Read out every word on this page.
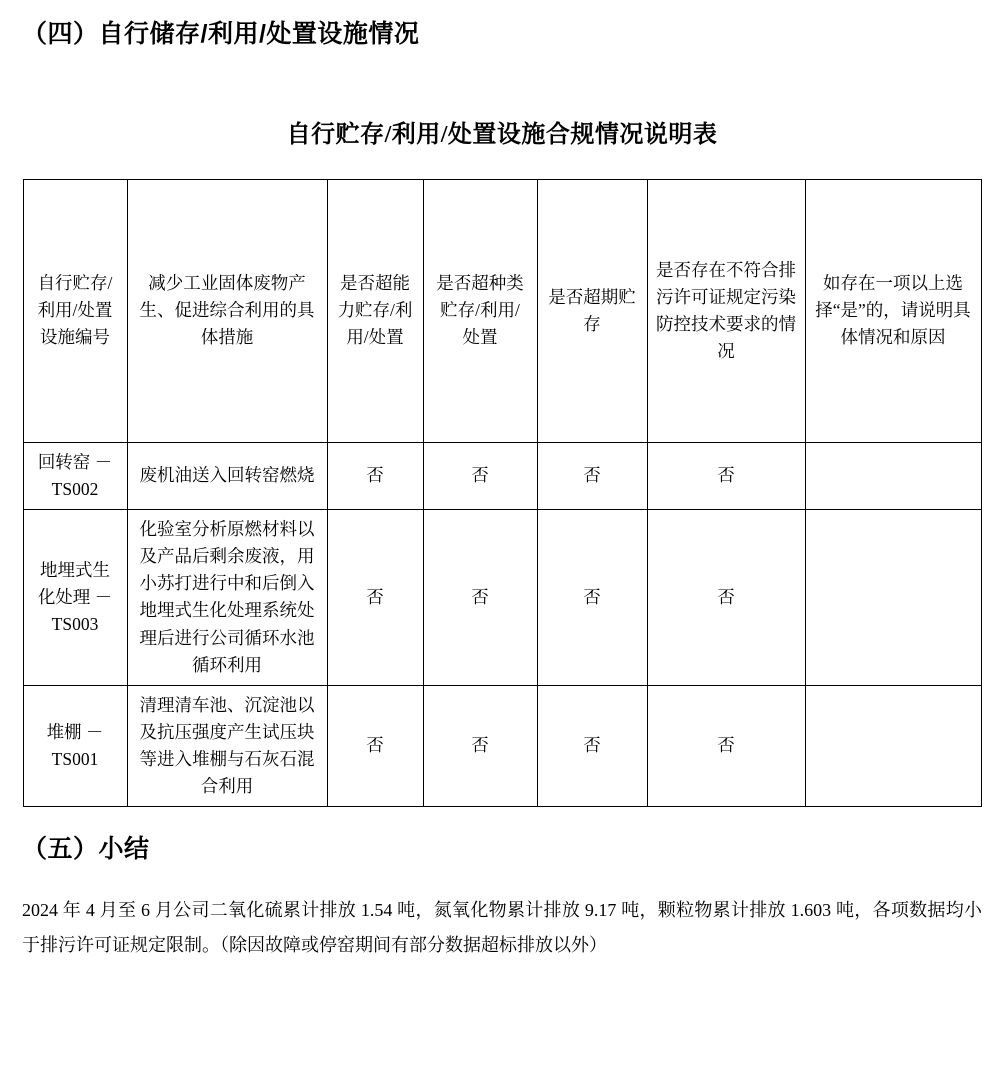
（四）自行储存/利用/处置设施情况
自行贮存/利用/处置设施合规情况说明表
自行贮存/利用/处置设施编号	减少工业固体废物产生、促进综合利用的具体措施	是否超能力贮存/利用/处置	是否超种类贮存/利用/处置	是否超期贮存	是否存在不符合排污许可证规定污染防控技术要求的情况	如存在一项以上选择“是”的，请说明具体情况和原因
回转窑 －TS002	废机油送入回转窑燃烧	否	否	否	否	
地埋式生化处理 －TS003	化验室分析原燃材料以及产品后剩余废液，用小苏打进行中和后倒入地埋式生化处理系统处理后进行公司循环水池循环利用	否	否	否	否	
堆棚 －TS001	清理清车池、沉淀池以及抗压强度产生试压块等进入堆棚与石灰石混合利用	否	否	否	否	
（五）小结

2024 年 4 月至 6 月公司二氧化硫累计排放 1.54 吨，氮氧化物累计排放 9.17 吨，颗粒物累计排放 1.603 吨，各项数据均小于排污许可证规定限制。（除因故障或停窑期间有部分数据超标排放以外）
